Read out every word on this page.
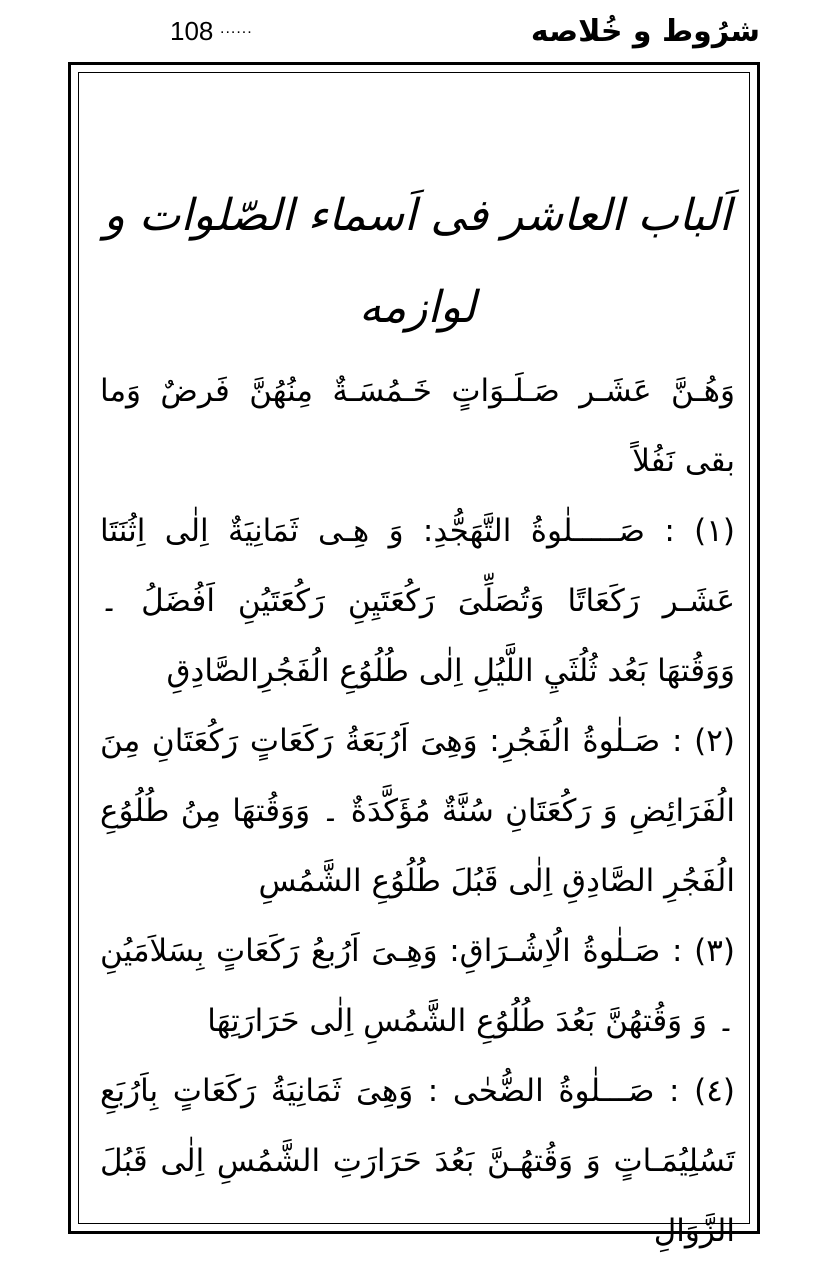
108 ......	شرُوط و خُلاصه
اَلباب العاشر فی اَسماء الصّلوات و لوازمه

وَهُـنَّ عَشَـر صَـلَـوَاتٍ خَـمُسَـةٌ مِنُهُنَّ فَرضٌ وَما بقى نَفُلاً

(١) : صَـــــلٰوةُ التَّهَجُّدِ: وَ هِـى ثَمَانِيَةٌ اِلٰى اِثُنَتَا عَشَـر رَكَعَاتًا وَتُصَلِّىَ رَكُعَتَيِنِ رَكُعَتَيُنِ اَفُضَلُ ۔ وَوَقُتهَا بَعُد ثُلُثَيِ اللَّيُلِ اِلٰى طُلُوُعِ الُفَجُرِالصَّادِقِ

(٢) : صَـلٰوةُ الُفَجُرِ: وَهِىَ اَرُبَعَةُ رَكَعَاتٍ رَكُعَتَانِ مِنَ الُفَرَائِضِ وَ رَكُعَتَانِ سُنَّةٌ مُؤَكَّدَةٌ ۔ وَوَقُتهَا مِنُ طُلُوُعِ الُفَجُرِ الصَّادِقِ اِلٰى قَبُلَ طُلُوُعِ الشَّمُسِ

(٣) : صَـلٰوةُ الُاِشُـرَاقِ: وَهِـىَ اَرُبعُ رَكَعَاتٍ بِسَلاَمَيُنِ ۔ وَ وَقُتهُنَّ بَعُدَ طُلُوُعِ الشَّمُسِ اِلٰى حَرَارَتِهَا

(٤) : صَـــلٰوةُ الضُّحٰى : وَهِىَ ثَمَانِيَةُ رَكَعَاتٍ بِاَرُبَعِ تَسُلِيُمَـاتٍ وَ وَقُتهُـنَّ بَعُدَ حَرَارَتِ الشَّمُسِ اِلٰى قَبُلَ الزَّوَالِ
